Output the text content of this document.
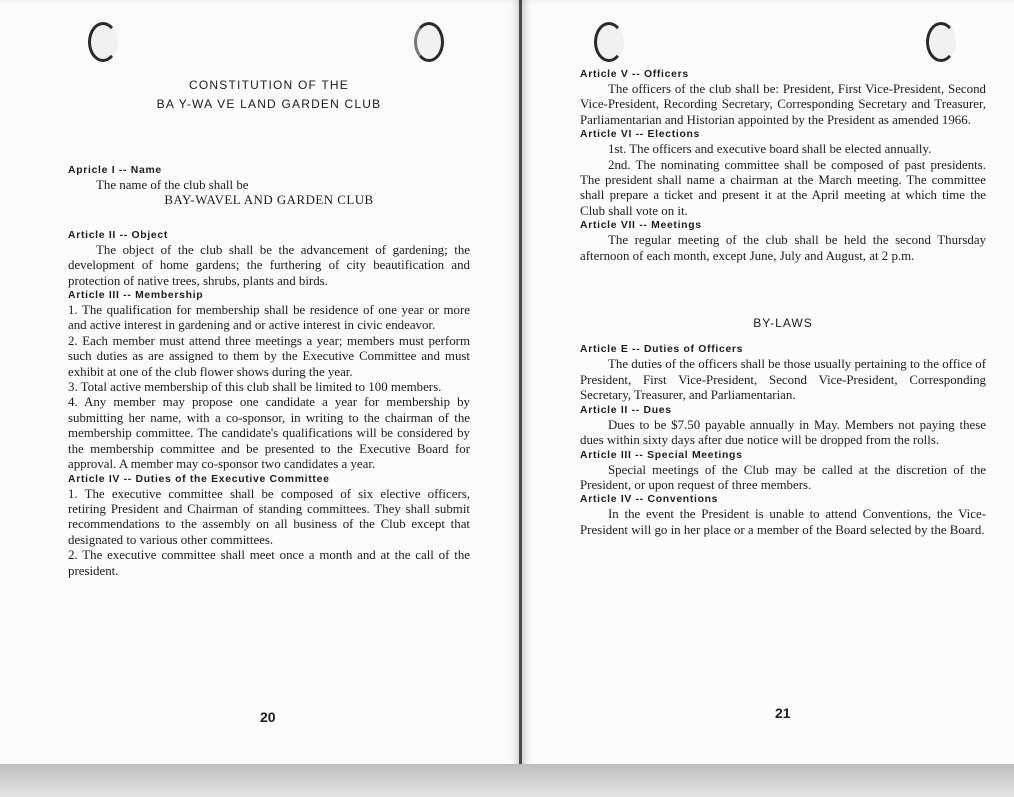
CONSTITUTION OF THE
BA Y-WA VE LAND GARDEN CLUB
Apricle I -- Name
The name of the club shall be
BAY-WAVEL AND GARDEN CLUB
Article II -- Object
The object of the club shall be the advancement of gardening; the development of home gardens; the furthering of city beautification and protection of native trees, shrubs, plants and birds.
Article III -- Membership
1. The qualification for membership shall be residence of one year or more and active interest in gardening and or active interest in civic endeavor.
2. Each member must attend three meetings a year; members must perform such duties as are assigned to them by the Executive Committee and must exhibit at one of the club flower shows during the year.
3. Total active membership of this club shall be limited to 100 members.
4. Any member may propose one candidate a year for membership by submitting her name, with a co-sponsor, in writing to the chairman of the membership committee. The candidate's qualifications will be considered by the membership committee and be presented to the Executive Board for approval. A member may co-sponsor two candidates a year.
Article IV -- Duties of the Executive Committee
1. The executive committee shall be composed of six elective officers, retiring President and Chairman of standing committees. They shall submit recommendations to the assembly on all business of the Club except that designated to various other committees.
2. The executive committee shall meet once a month and at the call of the president.
20
Article V -- Officers
The officers of the club shall be: President, First Vice-President, Second Vice-President, Recording Secretary, Corresponding Secretary and Treasurer, Parliamentarian and Historian appointed by the President as amended 1966.
Article VI -- Elections
1st. The officers and executive board shall be elected annually.
2nd. The nominating committee shall be composed of past presidents. The president shall name a chairman at the March meeting. The committee shall prepare a ticket and present it at the April meeting at which time the Club shall vote on it.
Article VII -- Meetings
The regular meeting of the club shall be held the second Thursday afternoon of each month, except June, July and August, at 2 p.m.
BY-LAWS
Article E -- Duties of Officers
The duties of the officers shall be those usually pertaining to the office of President, First Vice-President, Second Vice-President, Corresponding Secretary, Treasurer, and Parliamentarian.
Article II -- Dues
Dues to be $7.50 payable annually in May. Members not paying these dues within sixty days after due notice will be dropped from the rolls.
Article III -- Special Meetings
Special meetings of the Club may be called at the discretion of the President, or upon request of three members.
Article IV -- Conventions
In the event the President is unable to attend Conventions, the Vice-President will go in her place or a member of the Board selected by the Board.
21
